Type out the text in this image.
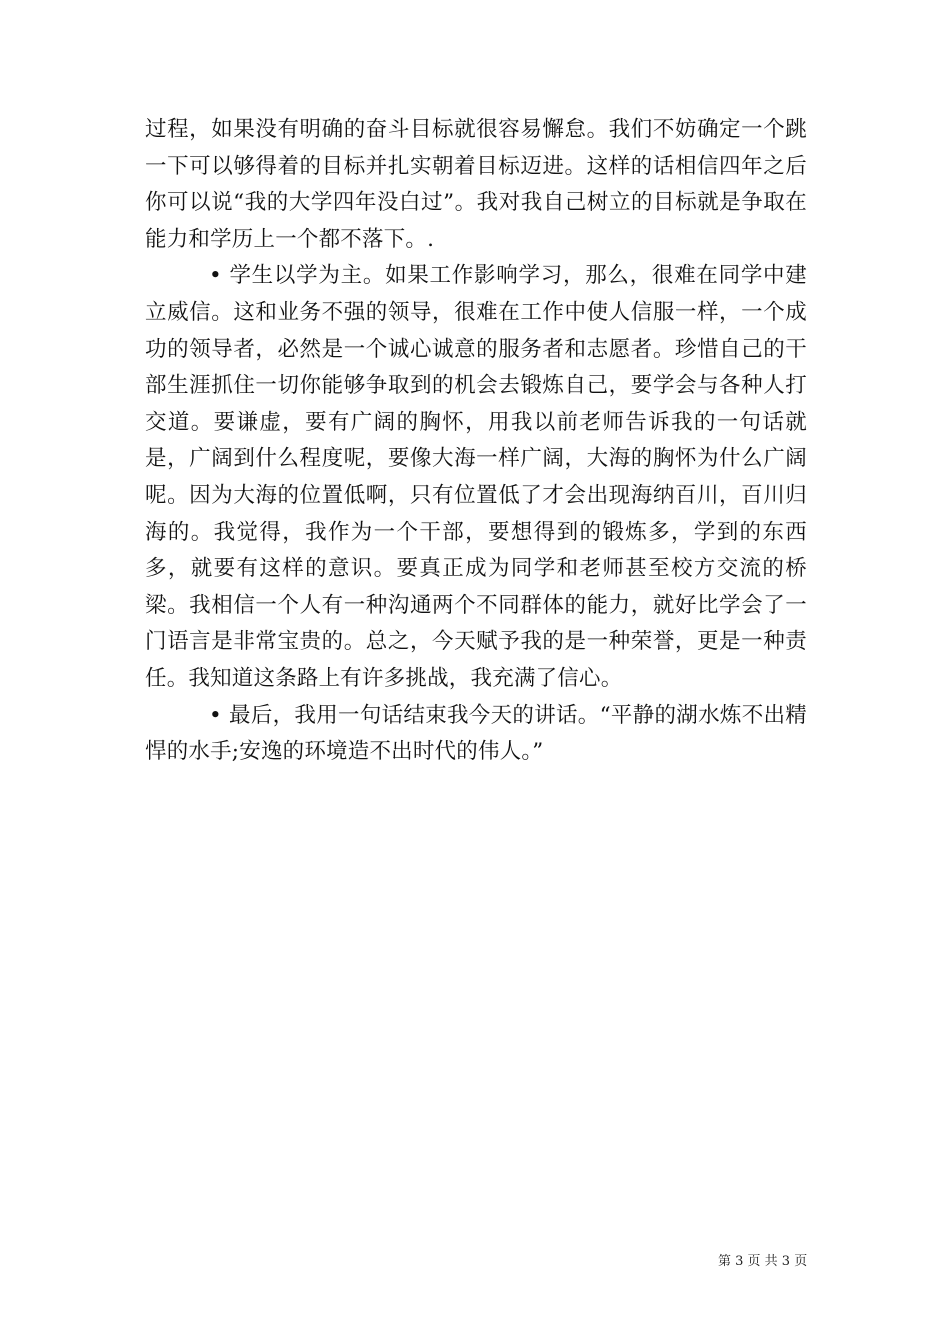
过程，如果没有明确的奋斗目标就很容易懈怠。我们不妨确定一个跳一下可以够得着的目标并扎实朝着目标迈进。这样的话相信四年之后你可以说“我的大学四年没白过”。我对我自己树立的目标就是争取在能力和学历上一个都不落下。.

• 学生以学为主。如果工作影响学习，那么，很难在同学中建立威信。这和业务不强的领导，很难在工作中使人信服一样，一个成功的领导者，必然是一个诚心诚意的服务者和志愿者。珍惜自己的干部生涯抓住一切你能够争取到的机会去锻炼自己，要学会与各种人打交道。要谦虚，要有广阔的胸怀，用我以前老师告诉我的一句话就是，广阔到什么程度呢，要像大海一样广阔，大海的胸怀为什么广阔呢。因为大海的位置低啊，只有位置低了才会出现海纳百川，百川归海的。我觉得，我作为一个干部，要想得到的锻炼多，学到的东西多，就要有这样的意识。要真正成为同学和老师甚至校方交流的桥梁。我相信一个人有一种沟通两个不同群体的能力，就好比学会了一门语言是非常宝贵的。总之，今天赋予我的是一种荣誉，更是一种责任。我知道这条路上有许多挑战，我充满了信心。

• 最后，我用一句话结束我今天的讲话。“平静的湖水炼不出精悍的水手;安逸的环境造不出时代的伟人。”

第 3 页 共 3 页
